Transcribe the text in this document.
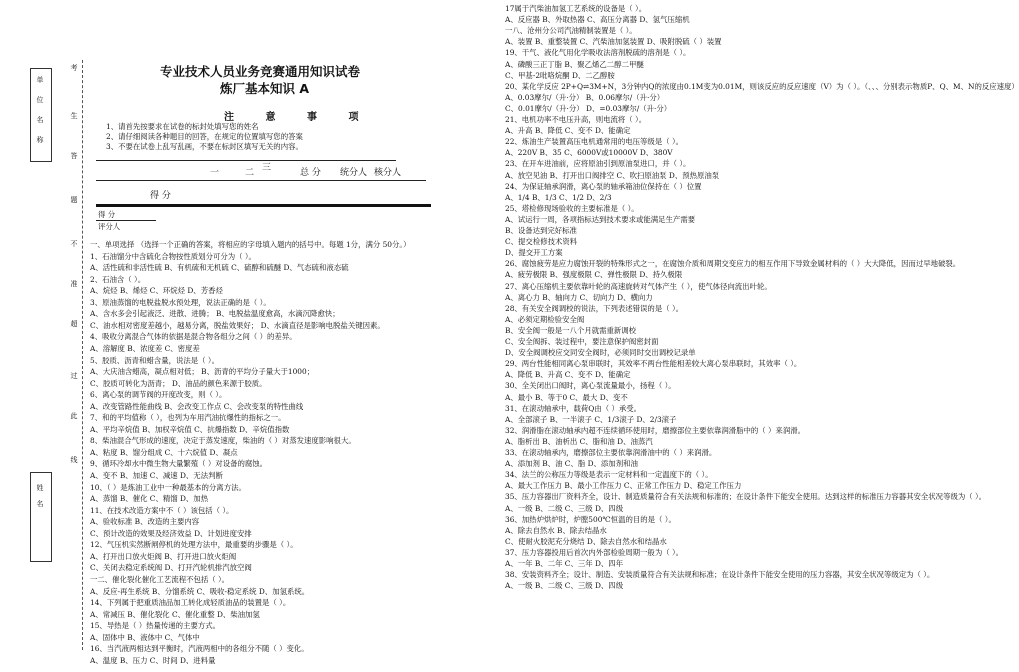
单
位
名
称
姓
名
考
生
答
题
不
准
超
过
此
线
专业技术人员业务竞赛通用知识试卷
炼厂基本知识 A
注 意 事 项
1、请首先按要求在试卷的标封处填写您的姓名
2、请仔细阅读各种题目的回答，在规定的位置填写您的答案
3、不要在试卷上乱写乱画，不要在标封区填写无关的内容。
一	二 三	总 分 统分人 核分人
得 分
得 分
评分人
一、单项选择 （选择一个正确的答案，将相应的字母填入题内的括号中。每题 1分，满分 50分。）
1、石油馏分中含硫化合物按性质划分可分为（ ）。
A、活性硫和非活性硫 B、有机硫和无机硫 C、硫醇和硫醚 D、气态硫和液态硫
2、石油含（ ）。
A、烷烃 B、烯烃 C、环烷烃 D、芳香烃
3、原油蒸馏的电脱盐脱水预处理，说法正确的是（ ）。
A、含水多会引起液泛、进散、进腾； B、电脱盐温度愈高，水滴沉降愈快；
C、油水相对密度差越小，越易分离，脱盐效果好； D、水滴直径是影响电脱盐关键因素。
4、吸收分离混合气体的依据是混合物各组分之间（ ）的差异。
A、溶解度 B、浓度差 C、密度差
5、胶质、沥青和蜡含量，说法是（ ）。
A、大庆油含蜡高，凝点相对低； B、沥青的平均分子量大于1000；
C、胶质可转化为沥青； D、油品的颜色来源于胶质。
6、离心泵的调节阀的开度改变，则（ ）。
A、改变管路性能曲线 B、会改变工作点 C、会改变泵的特性曲线
7、和的平均值称（ ），也列为车用汽油抗爆性的指标之一。
A、平均辛烷值 B、加权辛烷值 C、抗爆指数 D、辛烷值指数
8、柴油混合气形成的速度，决定于蒸发速度，柴油的（ ）对蒸发速度影响很大。
A、粘度 B、馏分组成 C、十六烷值 D、凝点
9、循环冷却水中微生物大量繁殖（ ）对设备的腐蚀。
A、变不 B、加速 C、减速 D、无法判断
10、（ ）是炼油工业中一种最基本的分离方法。
A、蒸馏 B、催化 C、精馏 D、加热
11、在技术改造方案中不（ ）该包括（ ）。
A、验收标准 B、改造的主要内容
C、预计改造的效果及经济效益 D、计划进度安排
12、气压机实然断闸停机的处理方法中，最重要的步骤是（ ）。
A、打开出口放火炬阀 B、打开进口放火炬阀
C、关闭去稳定系统阀 D、打开汽轮机排汽放空阀
一二、催化裂化催化工艺流程不包括（ ）。
A、反应-再生系统 B、分馏系统 C、吸收-稳定系统 D、加氢系统。
14、下列属于把重质油品加工转化成轻质油品的装置是（ ）。
A、常减压 B、催化裂化 C、催化重整 D、柴油加氢
15、导热是（ ）热量传递的主要方式。
A、固体中 B、液体中 C、气体中
16、当汽液两相达到平衡时，汽液两相中的各组分不随（ ）变化。
A、温度 B、压力 C、时间 D、进料量
17属于汽柴油加氢工艺系统的设备是（ ）。
A、反应器 B、外取热器 C、高压分离器 D、氢气压缩机
一八、沧州分公司汽油精制装置是（ ）。
A、装置 B、重整装置 C、汽柴油加氢装置 D、吸附脱硫（ ）装置
19、干气、液化气用化学吸收法溶剂脱硫的溶剂是（ ）。
A、磷酸三正丁脂 B、聚乙烯乙二醇二甲醚
C、甲基-2吡咯烷酮 D、二乙醇胺
20、某化学反应 2P+Q⇌3M+N，3分钟内Q的浓度由0.1M变为0.01M，则该反应的反应速度（V）为（ ）。（、、、分别表示物质P、Q、M、N的反应速度）
A、0.03摩尔/（升·分） B、0.06摩尔/（升·分）
C、0.01摩尔/（升·分） D、=0.03摩尔/（升·分）
21、电机功率不电压升高，则电流将（ ）。
A、升高 B、降低 C、变不 D、能确定
22、炼油生产装置高压电机通常用的电压等级是（ ）。
A、220V B、35 C、6000V或10000V D、380V
23、在开车进油前，应将原油引到原油泵进口，并（ ）。
A、放空见油 B、打开出口阀排空 C、吹扫原油泵 D、预热原油泵
24、为保证轴承润滑，离心泵的轴承箱油位保持在（ ）位置
A、1/4 B、1/3 C、1/2 D、2/3
25、塔检修现场验收的主要标准是（ ）。
A、试运行一周，各项指标达到技术要求或能满足生产需要
B、设备达到完好标准
C、提交检修技术资料
D、提交开工方案
26、腐蚀疲劳是应力腐蚀开裂的特殊形式之一，在腐蚀介质和周期交变应力的相互作用下导致金属材料的（ ）大大降低，因而过早地破裂。
A、疲劳极限 B、强度极限 C、弹性极限 D、持久极限
27、离心压缩机主要依靠叶轮的高速旋转对气体产生（ ），使气体径向流出叶轮。
A、离心力 B、轴向力 C、切向力 D、横向力
28、有关安全阀调校的说法，下列表述错误的是（ ）。
A、必须定期检验安全阀
B、安全阀一般是一八个月就需重新调校
C、安全阀拆、装过程中，要注意保护阀密封面
D、安全阀调校应交同安全阀时，必须同时交出调校记录单
29、两台性能相同离心泵串联时，其效率不两台性能相差较大离心泵串联时，其效率（ ）。
A、降低 B、升高 C、变不 D、能确定
30、全关闭出口阀时，离心泵流量最小，扬程（ ）。
A、最小 B、等于0 C、最大 D、变不
31、在滚动轴承中，载荷Q由（ ）承受。
A、全部滚子 B、一半滚子 C、1/3滚子 D、2/3滚子
32、润滑脂在滚动轴承内超不连续循环使用时，磨擦部位主要依靠润滑脂中的（ ）来润滑。
A、脂析出 B、油析出 C、脂和油 D、油蒸汽
33、在滚动轴承内，磨擦部位主要依靠润滑油中的（ ）来润滑。
A、添加剂 B、油 C、脂 D、添加剂和油
34、法兰的公称压力等级是表示一定材料和一定温度下的（ ）。
A、最大工作压力 B、最小工作压力 C、正常工作压力 D、稳定工作压力
35、压力容器出厂资料齐全，设计、制造质量符合有关法规和标准的；在设计条件下能安全使用。达到这样的标准压力容器其安全状况等级为（ ）。
A、一级 B、二级 C、三级 D、四级
36、加热炉烘炉时，炉膛500℃恒温的目的是（ ）。
A、除去自然水 B、除去结晶水
C、使耐火胶泥充分烧结 D、除去自然水和结晶水
37、压力容器投用后首次内外部检验周期一般为（ ）。
A、一年 B、二年 C、三年 D、四年
38、安装资料齐全；设计、制造、安装质量符合有关法规和标准；在设计条件下能安全使用的压力容器，其安全状况等级定为（ ）。
A、一级 B、二级 C、三级 D、四级
